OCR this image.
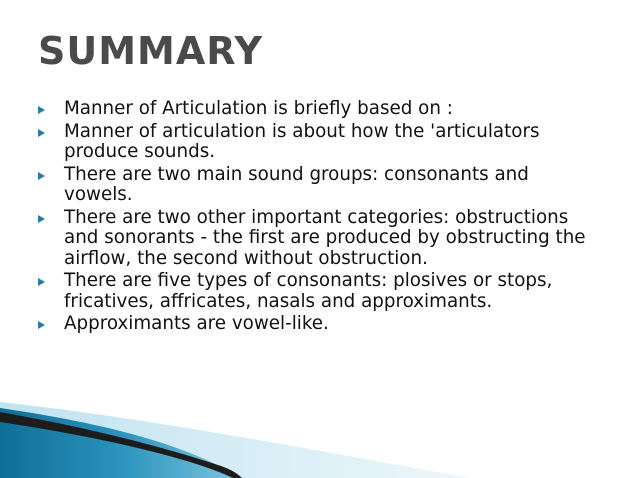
SUMMARY
Manner of Articulation is briefly based on :
Manner of articulation is about how the 'articulators produce sounds.
There are two main sound groups: consonants and vowels.
There are two other important categories: obstructions and sonorants - the first are produced by obstructing the airflow, the second without obstruction.
There are five types of consonants: plosives or stops, fricatives, affricates, nasals and approximants.
Approximants are vowel-like.
